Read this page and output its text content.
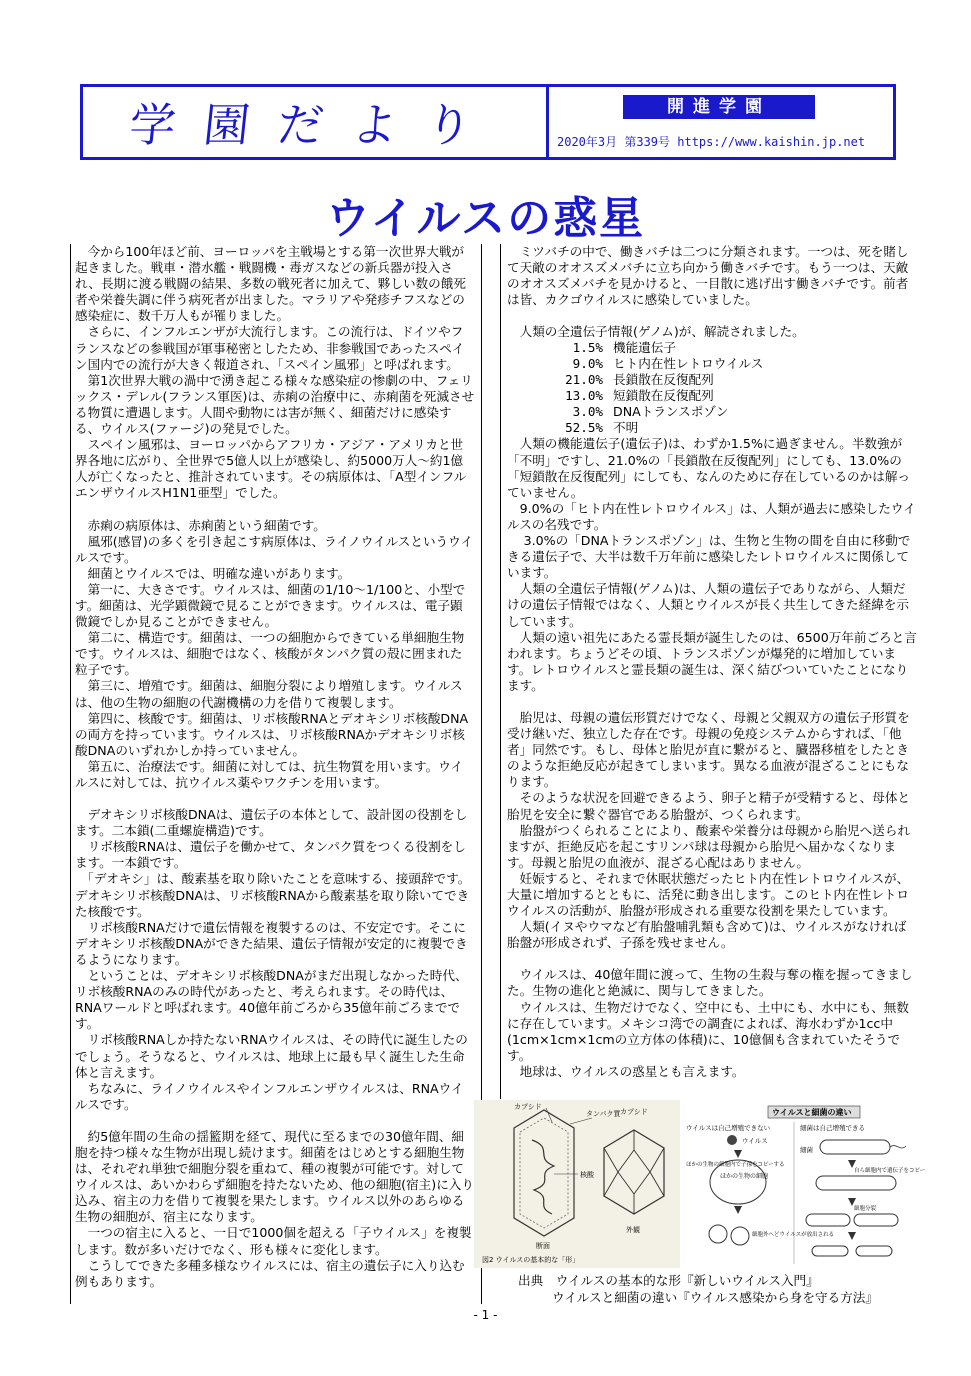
学園だより	開進学園
2020年3月 第339号 https://www.kaishin.jp.net
ウイルスの惑星

　今から100年ほど前、ヨーロッパを主戦場とする第一次世界大戦が起きました。戦車・潜水艦・戦闘機・毒ガスなどの新兵器が投入され、長期に渡る戦闘の結果、多数の戦死者に加えて、夥しい数の餓死者や栄養失調に伴う病死者が出ました。マラリアや発疹チフスなどの感染症に、数千万人もが罹りました。

　さらに、インフルエンザが大流行します。この流行は、ドイツやフランスなどの参戦国が軍事秘密としたため、非参戦国であったスペイン国内での流行が大きく報道され、「スペイン風邪」と呼ばれます。

　第1次世界大戦の渦中で湧き起こる様々な感染症の惨劇の中、フェリックス・デレル(フランス軍医)は、赤痢の治療中に、赤痢菌を死滅させる物質に遭遇します。人間や動物には害が無く、細菌だけに感染する、ウイルス(ファージ)の発見でした。

　スペイン風邪は、ヨーロッパからアフリカ・アジア・アメリカと世界各地に広がり、全世界で5億人以上が感染し、約5000万人～約1億人が亡くなったと、推計されています。その病原体は、「A型インフルエンザウイルスH1N1亜型」でした。

　赤痢の病原体は、赤痢菌という細菌です。

　風邪(感冒)の多くを引き起こす病原体は、ライノウイルスというウイルスです。

　細菌とウイルスでは、明確な違いがあります。

　第一に、大きさです。ウイルスは、細菌の1/10～1/100と、小型です。細菌は、光学顕微鏡で見ることができます。ウイルスは、電子顕微鏡でしか見ることができません。

　第二に、構造です。細菌は、一つの細胞からできている単細胞生物です。ウイルスは、細胞ではなく、核酸がタンパク質の殻に囲まれた粒子です。

　第三に、増殖です。細菌は、細胞分裂により増殖します。ウイルスは、他の生物の細胞の代謝機構の力を借りて複製します。

　第四に、核酸です。細菌は、リボ核酸RNAとデオキシリボ核酸DNAの両方を持っています。ウイルスは、リボ核酸RNAかデオキシリボ核酸DNAのいずれかしか持っていません。

　第五に、治療法です。細菌に対しては、抗生物質を用います。ウイルスに対しては、抗ウイルス薬やワクチンを用います。

　デオキシリボ核酸DNAは、遺伝子の本体として、設計図の役割をします。二本鎖(二重螺旋構造)です。

　リボ核酸RNAは、遺伝子を働かせて、タンパク質をつくる役割をします。一本鎖です。

　「デオキシ」は、酸素基を取り除いたことを意味する、接頭辞です。デオキシリボ核酸DNAは、リボ核酸RNAから酸素基を取り除いてできた核酸です。

　リボ核酸RNAだけで遺伝情報を複製するのは、不安定です。そこにデオキシリボ核酸DNAができた結果、遺伝子情報が安定的に複製できるようになります。

　ということは、デオキシリボ核酸DNAがまだ出現しなかった時代、リボ核酸RNAのみの時代があったと、考えられます。その時代は、RNAワールドと呼ばれます。40億年前ごろから35億年前ごろまでです。

　リボ核酸RNAしか持たないRNAウイルスは、その時代に誕生したのでしょう。そうなると、ウイルスは、地球上に最も早く誕生した生命体と言えます。

　ちなみに、ライノウイルスやインフルエンザウイルスは、RNAウイルスです。

　約5億年間の生命の揺籃期を経て、現代に至るまでの30億年間、細胞を持つ様々な生物が出現し続けます。細菌をはじめとする細胞生物は、それぞれ単独で細胞分裂を重ねて、種の複製が可能です。対してウイルスは、あいかわらず細胞を持たないため、他の細胞(宿主)に入り込み、宿主の力を借りて複製を果たします。ウイルス以外のあらゆる生物の細胞が、宿主になります。

　一つの宿主に入ると、一日で1000個を超える「子ウイルス」を複製します。数が多いだけでなく、形も様々に変化します。

　こうしてできた多種多様なウイルスには、宿主の遺伝子に入り込む例もあります。

　ミツバチの中で、働きバチは二つに分類されます。一つは、死を賭して天敵のオオスズメバチに立ち向かう働きバチです。もう一つは、天敵のオオスズメバチを見かけると、一目散に逃げ出す働きバチです。前者は皆、カクゴウイルスに感染していました。

　人類の全遺伝子情報(ゲノム)が、解読されました。

1.5%	機能遺伝子
9.0%	ヒト内在性レトロウイルス
21.0%	長鎖散在反復配列
13.0%	短鎖散在反復配列
3.0%	DNAトランスポゾン
52.5%	不明

　人類の機能遺伝子(遺伝子)は、わずか1.5%に過ぎません。半数強が「不明」ですし、21.0%の「長鎖散在反復配列」にしても、13.0%の「短鎖散在反復配列」にしても、なんのために存在しているのかは解っていません。

　9.0%の「ヒト内在性レトロウイルス」は、人類が過去に感染したウイルスの名残です。

　 3.0%の「DNAトランスポゾン」は、生物と生物の間を自由に移動できる遺伝子で、大半は数千万年前に感染したレトロウイルスに関係しています。

　人類の全遺伝子情報(ゲノム)は、人類の遺伝子でありながら、人類だけの遺伝子情報ではなく、人類とウイルスが長く共生してきた経緯を示しています。

　人類の遠い祖先にあたる霊長類が誕生したのは、6500万年前ごろと言われます。ちょうどその頃、トランスポゾンが爆発的に増加しています。レトロウイルスと霊長類の誕生は、深く結びついていたことになります。

　胎児は、母親の遺伝形質だけでなく、母親と父親双方の遺伝子形質を受け継いだ、独立した存在です。母親の免疫システムからすれば、「他者」同然です。もし、母体と胎児が直に繋がると、臓器移植をしたときのような拒絶反応が起きてしまいます。異なる血液が混ざることにもなります。

　そのような状況を回避できるよう、卵子と精子が受精すると、母体と胎児を安全に繋ぐ器官である胎盤が、つくられます。

　胎盤がつくられることにより、酸素や栄養分は母親から胎児へ送られますが、拒絶反応を起こすリンパ球は母親から胎児へ届かなくなります。母親と胎児の血液が、混ざる心配はありません。

　妊娠すると、それまで休眠状態だったヒト内在性レトロウイルスが、大量に増加するとともに、活発に動き出します。このヒト内在性レトロウイルスの活動が、胎盤が形成される重要な役割を果たしています。

　人類(イヌやウマなど有胎盤哺乳類も含めて)は、ウイルスがなければ胎盤が形成されず、子孫を残せません。

　ウイルスは、40億年間に渡って、生物の生殺与奪の権を握ってきました。生物の進化と絶滅に、関与してきました。

　ウイルスは、生物だけでなく、空中にも、土中にも、水中にも、無数に存在しています。メキシコ湾での調査によれば、海水わずか1cc中(1cm×1cm×1cmの立方体の体積)に、10億個も含まれていたそうです。

　地球は、ウイルスの惑星とも言えます。

カプシド
タンパク質
核酸
断面
カプシド
外観
図2 ウイルスの基本的な「形」
ウイルスと細菌の違い
ウイルスは自己増殖できない	細菌は自己増殖できる
ウイルス
ほかの生物の細胞
ほかの生物の細胞内で子孫をコピーする
細胞外へどウイルスが放出される
細菌
自ら細胞内で遺伝子をコピー
細胞分裂
出典　ウイルスの基本的な形『新しいウイルス入門』
ウイルスと細菌の違い『ウイルス感染から身を守る方法』
- 1 -
